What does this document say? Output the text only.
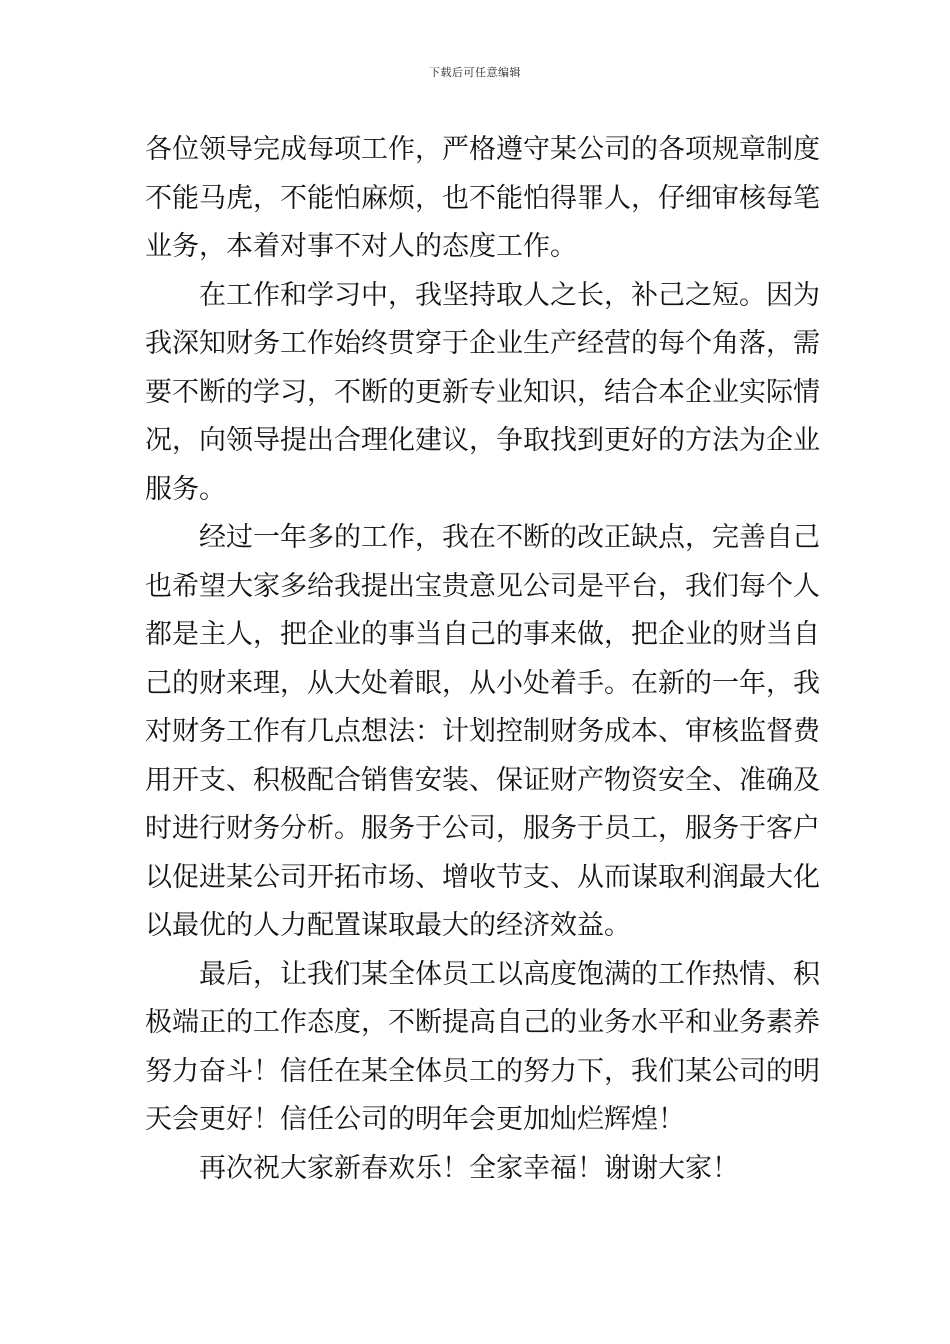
下载后可任意编辑
各位领导完成每项工作，严格遵守某公司的各项规章制度
不能马虎，不能怕麻烦，也不能怕得罪人，仔细审核每笔
业务，本着对事不对人的态度工作。
在工作和学习中，我坚持取人之长，补己之短。因为
我深知财务工作始终贯穿于企业生产经营的每个角落，需
要不断的学习，不断的更新专业知识，结合本企业实际情
况，向领导提出合理化建议，争取找到更好的方法为企业
服务。
经过一年多的工作，我在不断的改正缺点，完善自己
也希望大家多给我提出宝贵意见公司是平台，我们每个人
都是主人，把企业的事当自己的事来做，把企业的财当自
己的财来理，从大处着眼，从小处着手。在新的一年，我
对财务工作有几点想法：计划控制财务成本、审核监督费
用开支、积极配合销售安装、保证财产物资安全、准确及
时进行财务分析。服务于公司，服务于员工，服务于客户
以促进某公司开拓市场、增收节支、从而谋取利润最大化
以最优的人力配置谋取最大的经济效益。
最后，让我们某全体员工以高度饱满的工作热情、积
极端正的工作态度，不断提高自己的业务水平和业务素养
努力奋斗！信任在某全体员工的努力下，我们某公司的明
天会更好！信任公司的明年会更加灿烂辉煌！
再次祝大家新春欢乐！全家幸福！谢谢大家！
